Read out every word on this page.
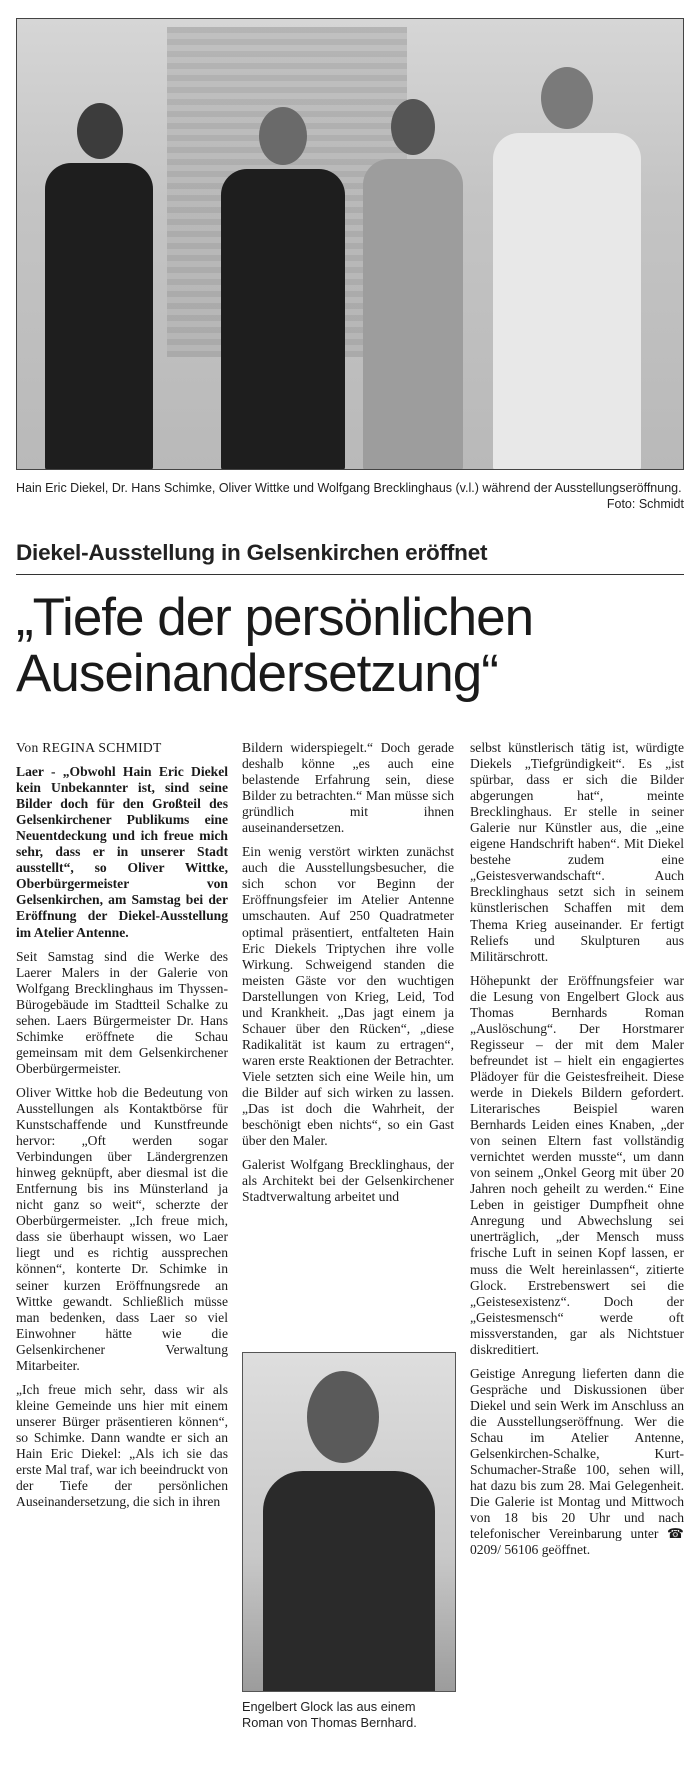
Hain Eric Diekel, Dr. Hans Schimke, Oliver Wittke und Wolfgang Brecklinghaus (v.l.) während der Ausstellungseröffnung.
Foto: Schmidt
Diekel-Ausstellung in Gelsenkirchen eröffnet
„Tiefe der persönlichen Auseinandersetzung“

Von REGINA SCHMIDT

Laer - „Obwohl Hain Eric Diekel kein Unbekannter ist, sind seine Bilder doch für den Großteil des Gelsenkirchener Publikums eine Neuentdeckung und ich freue mich sehr, dass er in unserer Stadt ausstellt“, so Oliver Wittke, Oberbürgermeister von Gelsenkirchen, am Samstag bei der Eröffnung der Diekel-Ausstellung im Atelier Antenne.

Seit Samstag sind die Werke des Laerer Malers in der Galerie von Wolfgang Brecklinghaus im Thyssen-Bürogebäude im Stadtteil Schalke zu sehen. Laers Bürgermeister Dr. Hans Schimke eröffnete die Schau gemeinsam mit dem Gelsenkirchener Oberbürgermeister.

Oliver Wittke hob die Bedeutung von Ausstellungen als Kontaktbörse für Kunstschaffende und Kunstfreunde hervor: „Oft werden sogar Verbindungen über Ländergrenzen hinweg geknüpft, aber diesmal ist die Entfernung bis ins Münsterland ja nicht ganz so weit“, scherzte der Oberbürgermeister. „Ich freue mich, dass sie überhaupt wissen, wo Laer liegt und es richtig aussprechen können“, konterte Dr. Schimke in seiner kurzen Eröffnungsrede an Wittke gewandt. Schließlich müsse man bedenken, dass Laer so viel Einwohner hätte wie die Gelsenkirchener Verwaltung Mitarbeiter.

„Ich freue mich sehr, dass wir als kleine Gemeinde uns hier mit einem unserer Bürger präsentieren können“, so Schimke. Dann wandte er sich an Hain Eric Diekel: „Als ich sie das erste Mal traf, war ich beeindruckt von der Tiefe der persönlichen Auseinandersetzung, die sich in ihren

Bildern widerspiegelt.“ Doch gerade deshalb könne „es auch eine belastende Erfahrung sein, diese Bilder zu betrachten.“ Man müsse sich gründlich mit ihnen auseinandersetzen.

Ein wenig verstört wirkten zunächst auch die Ausstellungsbesucher, die sich schon vor Beginn der Eröffnungsfeier im Atelier Antenne umschauten. Auf 250 Quadratmeter optimal präsentiert, entfalteten Hain Eric Diekels Triptychen ihre volle Wirkung. Schweigend standen die meisten Gäste vor den wuchtigen Darstellungen von Krieg, Leid, Tod und Krankheit. „Das jagt einem ja Schauer über den Rücken“, „diese Radikalität ist kaum zu ertragen“, waren erste Reaktionen der Betrachter. Viele setzten sich eine Weile hin, um die Bilder auf sich wirken zu lassen. „Das ist doch die Wahrheit, der beschönigt eben nichts“, so ein Gast über den Maler.

Galerist Wolfgang Brecklinghaus, der als Architekt bei der Gelsenkirchener Stadtverwaltung arbeitet und

Engelbert Glock las aus einem Roman von Thomas Bernhard.

selbst künstlerisch tätig ist, würdigte Diekels „Tiefgründigkeit“. Es „ist spürbar, dass er sich die Bilder abgerungen hat“, meinte Brecklinghaus. Er stelle in seiner Galerie nur Künstler aus, die „eine eigene Handschrift haben“. Mit Diekel bestehe zudem eine „Geistesverwandschaft“. Auch Brecklinghaus setzt sich in seinem künstlerischen Schaffen mit dem Thema Krieg auseinander. Er fertigt Reliefs und Skulpturen aus Militärschrott.

Höhepunkt der Eröffnungsfeier war die Lesung von Engelbert Glock aus Thomas Bernhards Roman „Auslöschung“. Der Horstmarer Regisseur – der mit dem Maler befreundet ist – hielt ein engagiertes Plädoyer für die Geistesfreiheit. Diese werde in Diekels Bildern gefordert. Literarisches Beispiel waren Bernhards Leiden eines Knaben, „der von seinen Eltern fast vollständig vernichtet werden musste“, um dann von seinem „Onkel Georg mit über 20 Jahren noch geheilt zu werden.“ Eine Leben in geistiger Dumpfheit ohne Anregung und Abwechslung sei unerträglich, „der Mensch muss frische Luft in seinen Kopf lassen, er muss die Welt hereinlassen“, zitierte Glock. Erstrebenswert sei die „Geistesexistenz“. Doch der „Geistesmensch“ werde oft missverstanden, gar als Nichtstuer diskreditiert.

Geistige Anregung lieferten dann die Gespräche und Diskussionen über Diekel und sein Werk im Anschluss an die Ausstellungseröffnung. Wer die Schau im Atelier Antenne, Gelsenkirchen-Schalke, Kurt-Schumacher-Straße 100, sehen will, hat dazu bis zum 28. Mai Gelegenheit. Die Galerie ist Montag und Mittwoch von 18 bis 20 Uhr und nach telefonischer Vereinbarung unter ☎ 0209/ 56106 geöffnet.
